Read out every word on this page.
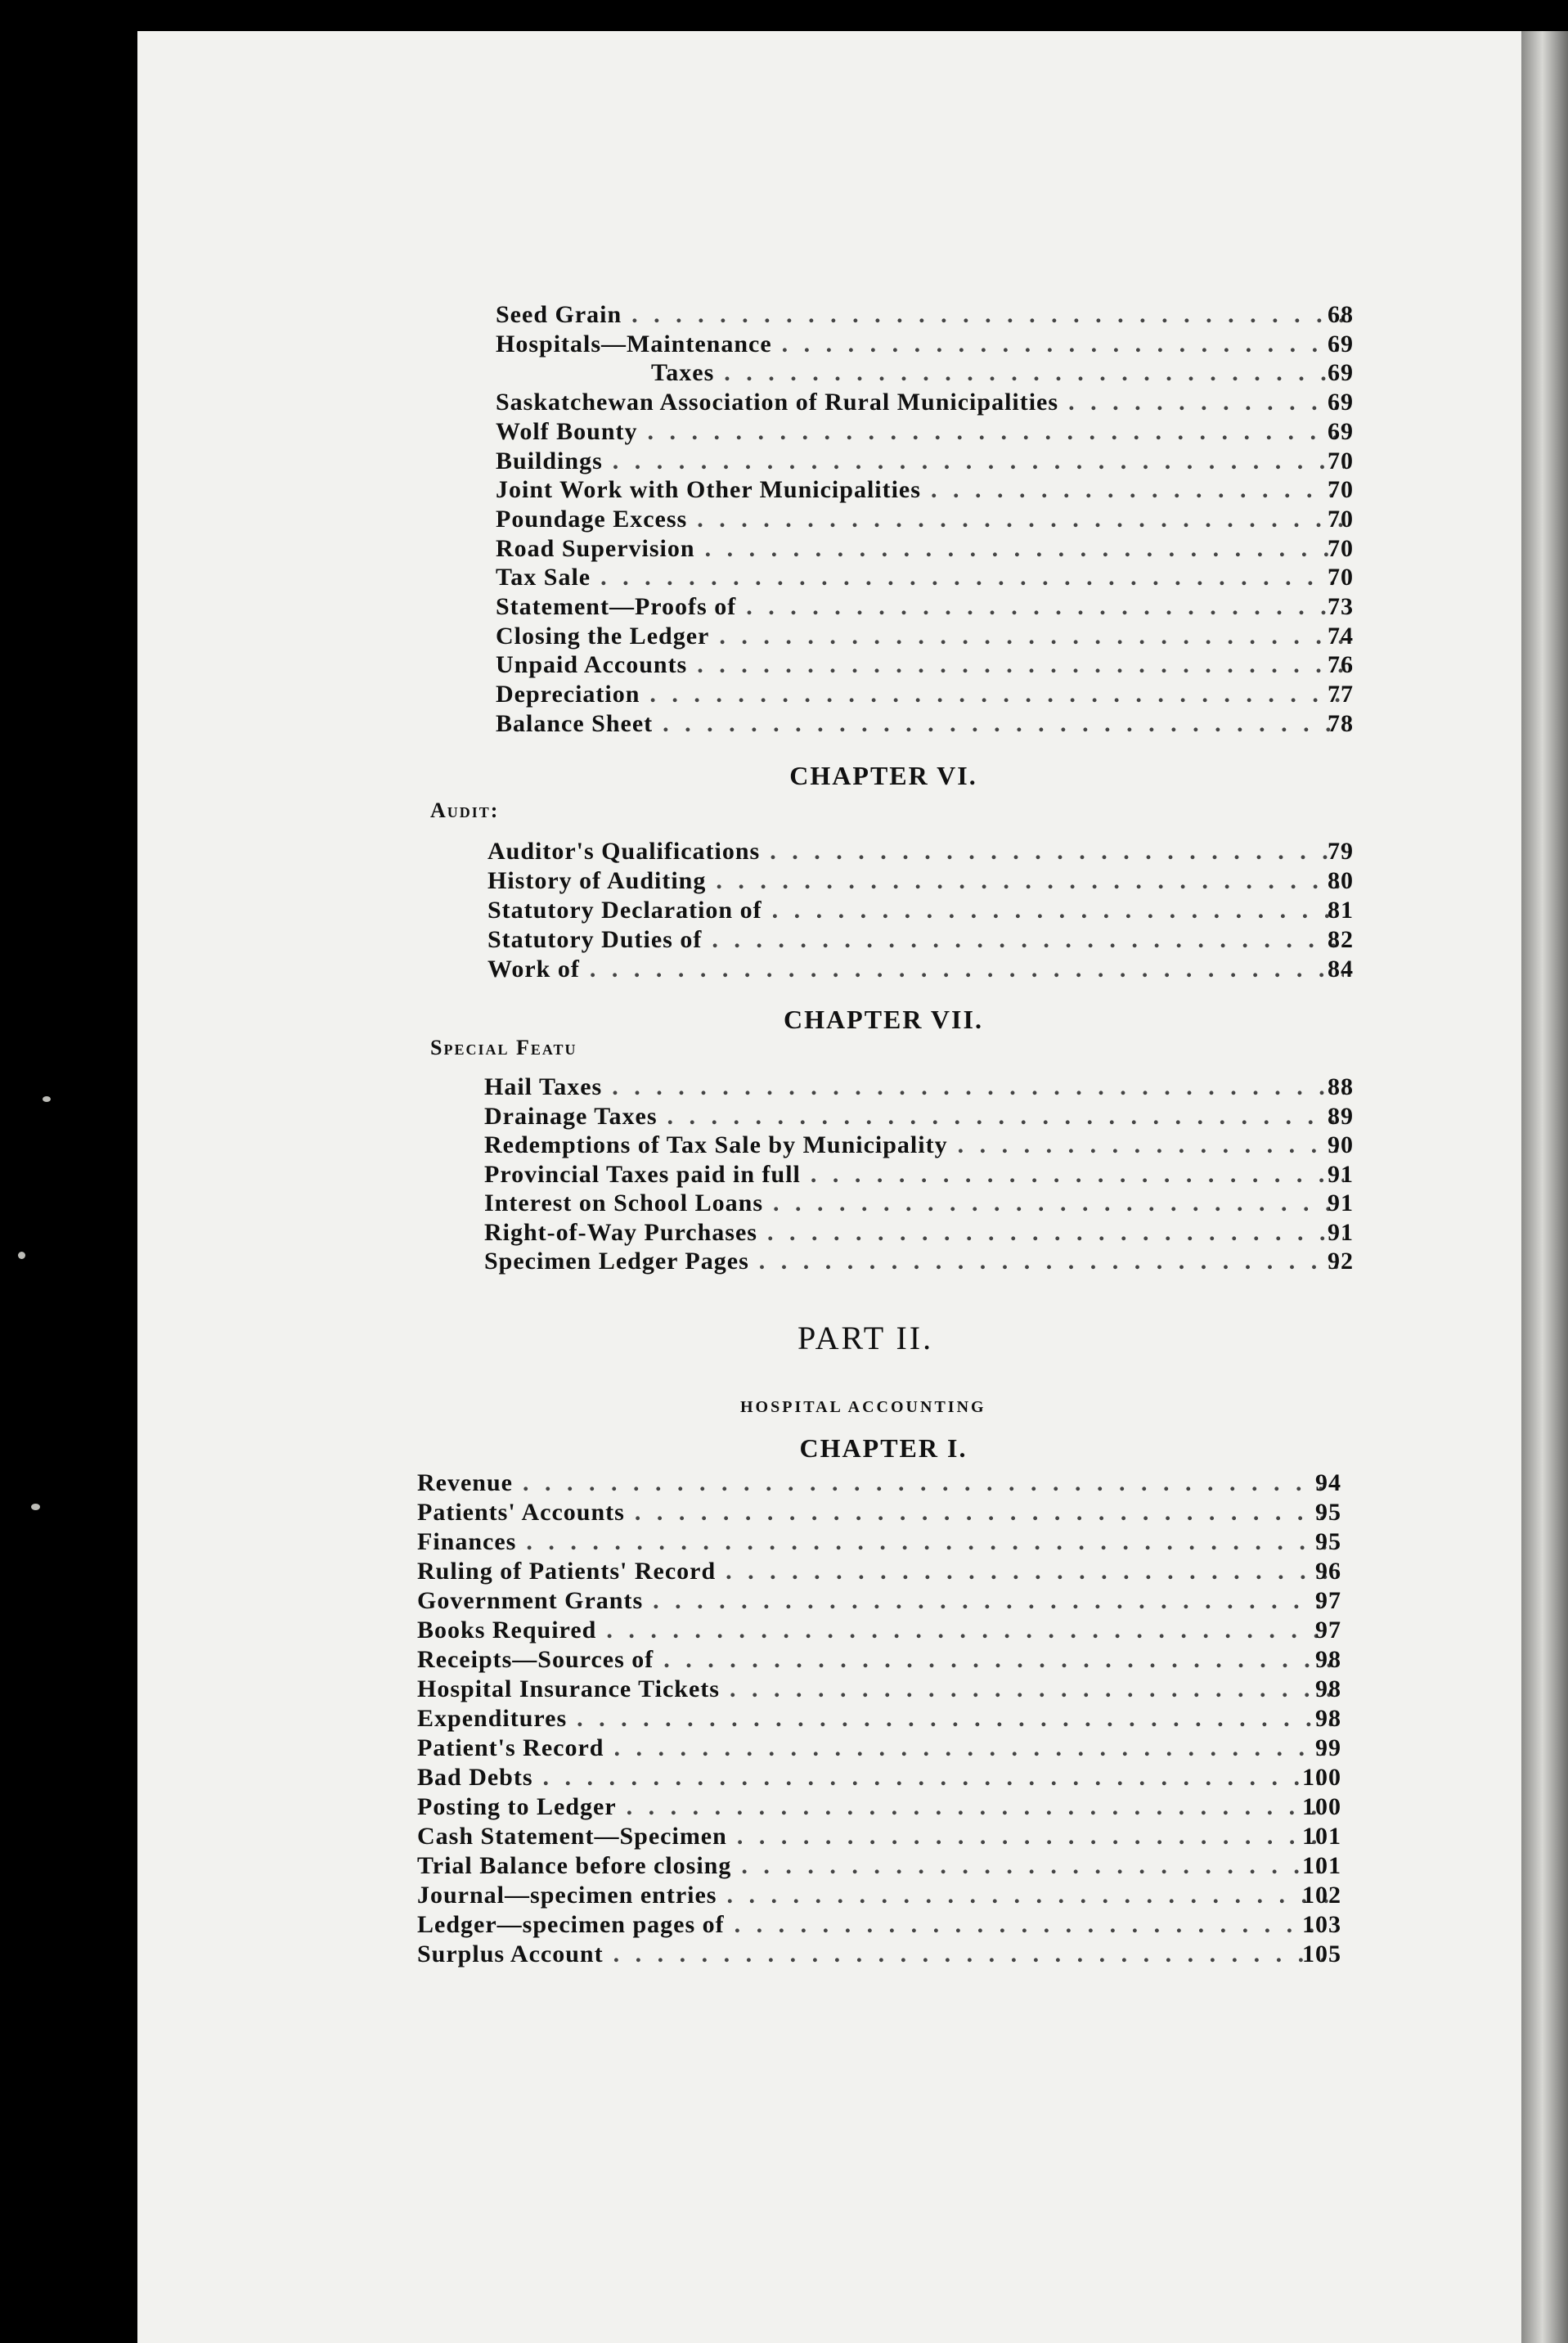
Seed Grain . . .	68
Hospitals—Maintenance . . .	69
Taxes . . .	69
Saskatchewan Association of Rural Municipalities . . .	69
Wolf Bounty . . .	69
Buildings . . .	70
Joint Work with Other Municipalities . . .	70
Poundage Excess . . .	70
Road Supervision . . .	70
Tax Sale . . .	70
Statement—Proofs of . . .	73
Closing the Ledger . . .	74
Unpaid Accounts . . .	76
Depreciation . . .	77
Balance Sheet . . .	78
CHAPTER VI.
Audit:
Auditor's Qualifications . . .	79
History of Auditing . . .	80
Statutory Declaration of . . .	81
Statutory Duties of . . .	82
Work of . . .	84
CHAPTER VII.
Special Featu
Hail Taxes . . .	88
Drainage Taxes . . .	89
Redemptions of Tax Sale by Municipality . . .	90
Provincial Taxes paid in full . . .	91
Interest on School Loans . . .	91
Right-of-Way Purchases . . .	91
Specimen Ledger Pages . . .	92
PART II.
HOSPITAL ACCOUNTING
CHAPTER I.
Revenue . . .	94
Patients' Accounts . . .	95
Finances . . .	95
Ruling of Patients' Record . . .	96
Government Grants . . .	97
Books Required . . .	97
Receipts—Sources of . . .	98
Hospital Insurance Tickets . . .	98
Expenditures . . .	98
Patient's Record . . .	99
Bad Debts . . .	100
Posting to Ledger . . .	100
Cash Statement—Specimen . . .	101
Trial Balance before closing . . .	101
Journal—specimen entries . . .	102
Ledger—specimen pages of . . .	103
Surplus Account . . .	105
